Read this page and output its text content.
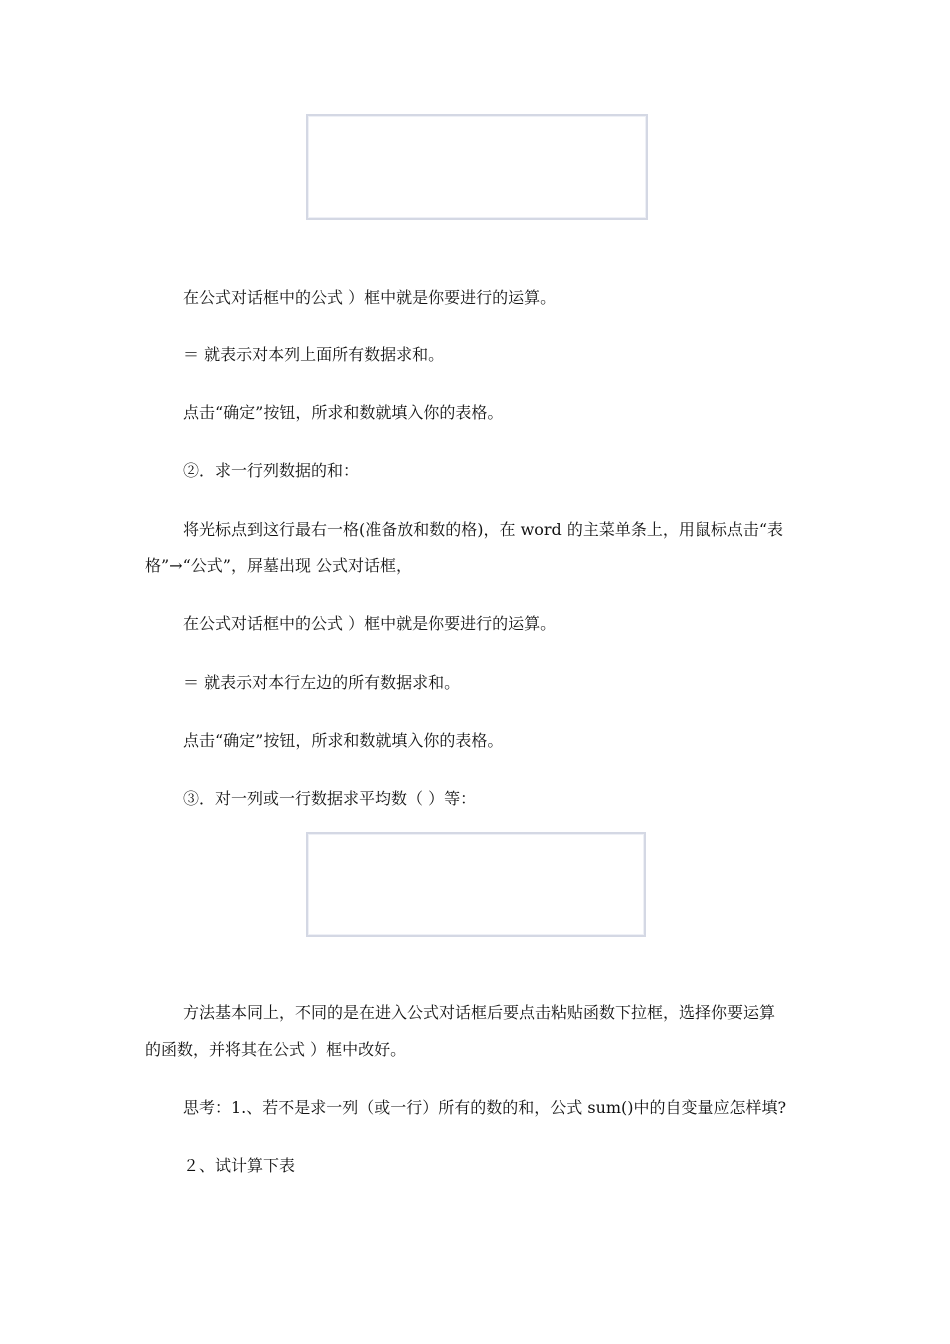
在公式对话框中的公式 ）框中就是你要进行的运算。
＝ 就表示对本列上面所有数据求和。
点击“确定”按钮，所求和数就填入你的表格。
②．求一行列数据的和：
将光标点到这行最右一格(准备放和数的格)，在 word 的主菜单条上，用鼠标点击“表
格”→“公式”，屏墓出现 公式对话框，
在公式对话框中的公式 ）框中就是你要进行的运算。
＝ 就表示对本行左边的所有数据求和。
点击“确定”按钮，所求和数就填入你的表格。
③．对一列或一行数据求平均数（ ）等：
方法基本同上，不同的是在进入公式对话框后要点击粘贴函数下拉框，选择你要运算
的函数，并将其在公式 ）框中改好。
思考：1.、若不是求一列（或一行）所有的数的和，公式 sum()中的自变量应怎样填?
２、试计算下表
